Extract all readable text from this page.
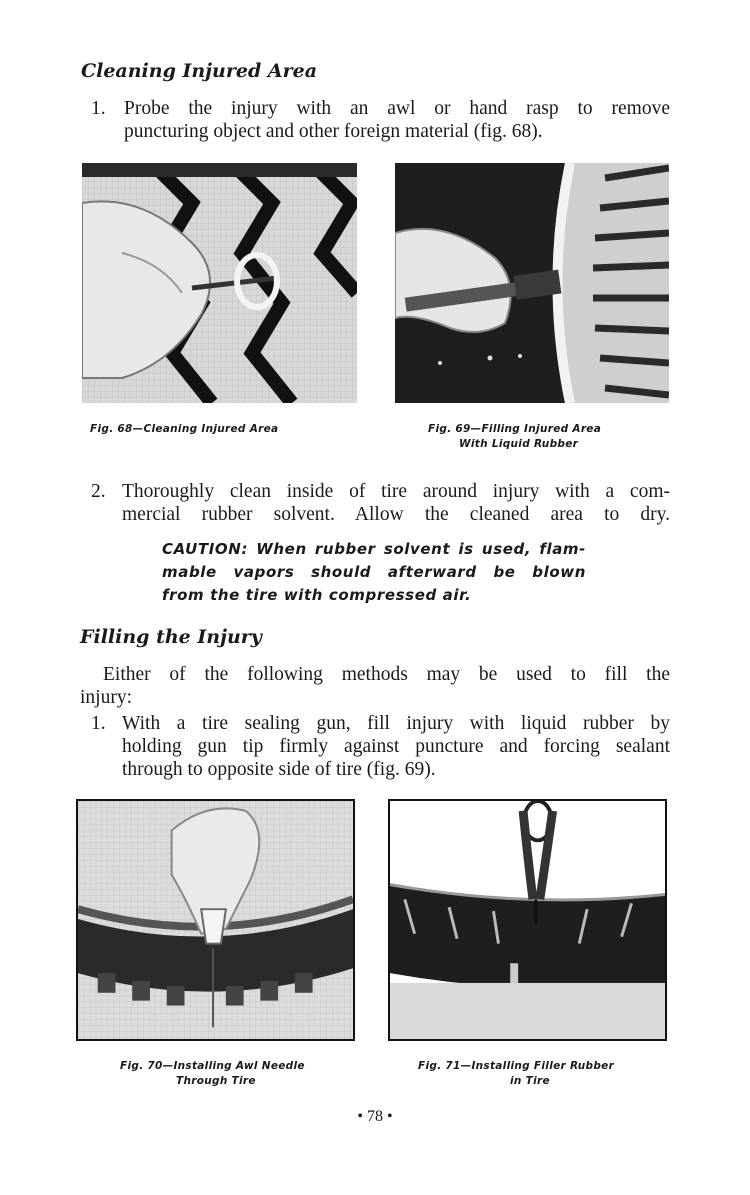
Cleaning Injured Area
1. Probe the injury with an awl or hand rasp to remove
puncturing object and other foreign material (fig. 68).
Fig. 68—Cleaning Injured Area	Fig. 69—Filling Injured Area
With Liquid Rubber
2. Thoroughly clean inside of tire around injury with a com-
mercial rubber solvent. Allow the cleaned area to dry.
CAUTION: When rubber solvent is used, flam-
mable vapors should afterward be blown
from the tire with compressed air.
Filling the Injury
Either of the following methods may be used to fill the
injury:
1. With a tire sealing gun, fill injury with liquid rubber by
holding gun tip firmly against puncture and forcing sealant
through to opposite side of tire (fig. 69).
Fig. 70—Installing Awl Needle
Through Tire
Fig. 71—Installing Filler Rubber
in Tire
• 78 •
